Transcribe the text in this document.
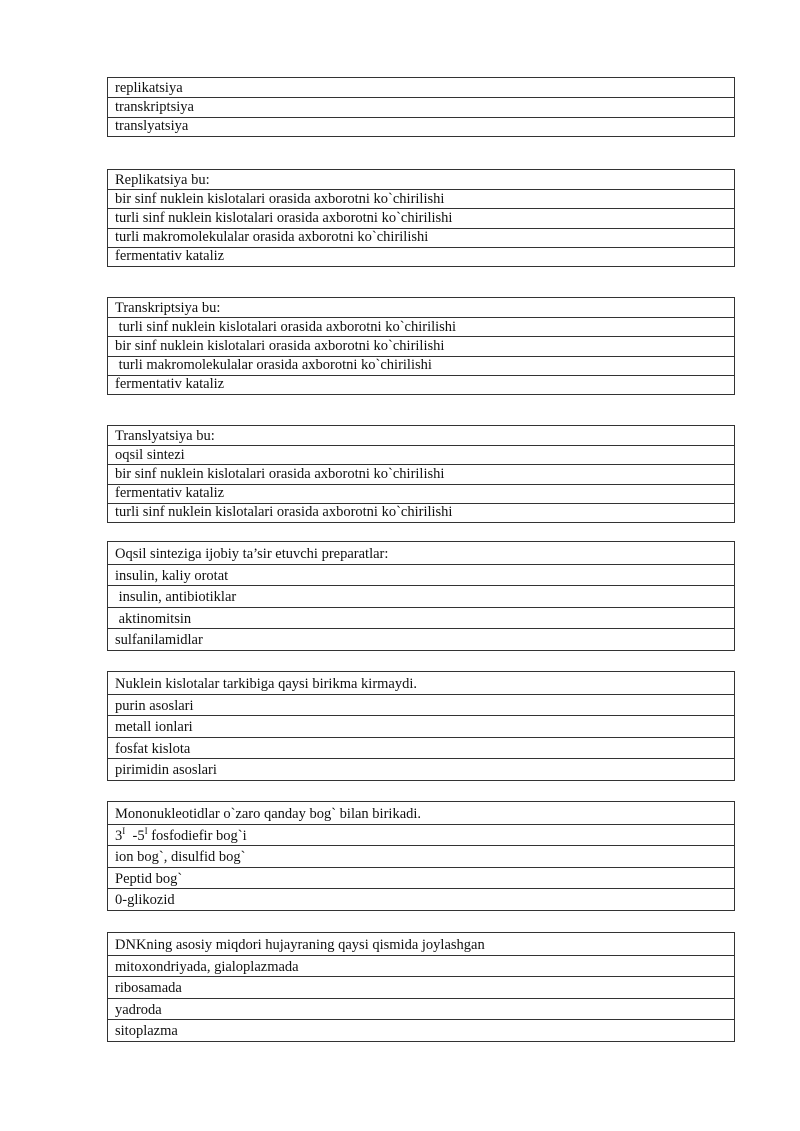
replikatsiya
transkriptsiya
translyatsiya
Replikatsiya bu:
bir sinf nuklein kislotalari orasida axborotni ko`chirilishi
turli sinf nuklein kislotalari orasida axborotni ko`chirilishi
turli makromolekulalar orasida axborotni ko`chirilishi
fermentativ kataliz
Transkriptsiya bu:
turli sinf nuklein kislotalari orasida axborotni ko`chirilishi
bir sinf nuklein kislotalari orasida axborotni ko`chirilishi
turli makromolekulalar orasida axborotni ko`chirilishi
fermentativ kataliz
Translyatsiya bu:
oqsil sintezi
bir sinf nuklein kislotalari orasida axborotni ko`chirilishi
fermentativ kataliz
turli sinf nuklein kislotalari orasida axborotni ko`chirilishi
Oqsil sinteziga ijobiy ta’sir etuvchi preparatlar:
insulin, kaliy orotat
insulin, antibiotiklar
aktinomitsin
sulfanilamidlar
Nuklein kislotalar tarkibiga qaysi birikma kirmaydi.
purin asoslari
metall ionlari
fosfat kislota
pirimidin asoslari
Mononukleotidlar o`zaro qanday bog` bilan birikadi.
$3^I$  $-5^I$ fosfodiefir bog`i
ion bog`, disulfid bog`
Peptid bog`
0-glikozid
DNKning asosiy miqdori hujayraning qaysi qismida joylashgan
mitoxondriyada, gialoplazmada
ribosamada
yadroda
sitoplazma
